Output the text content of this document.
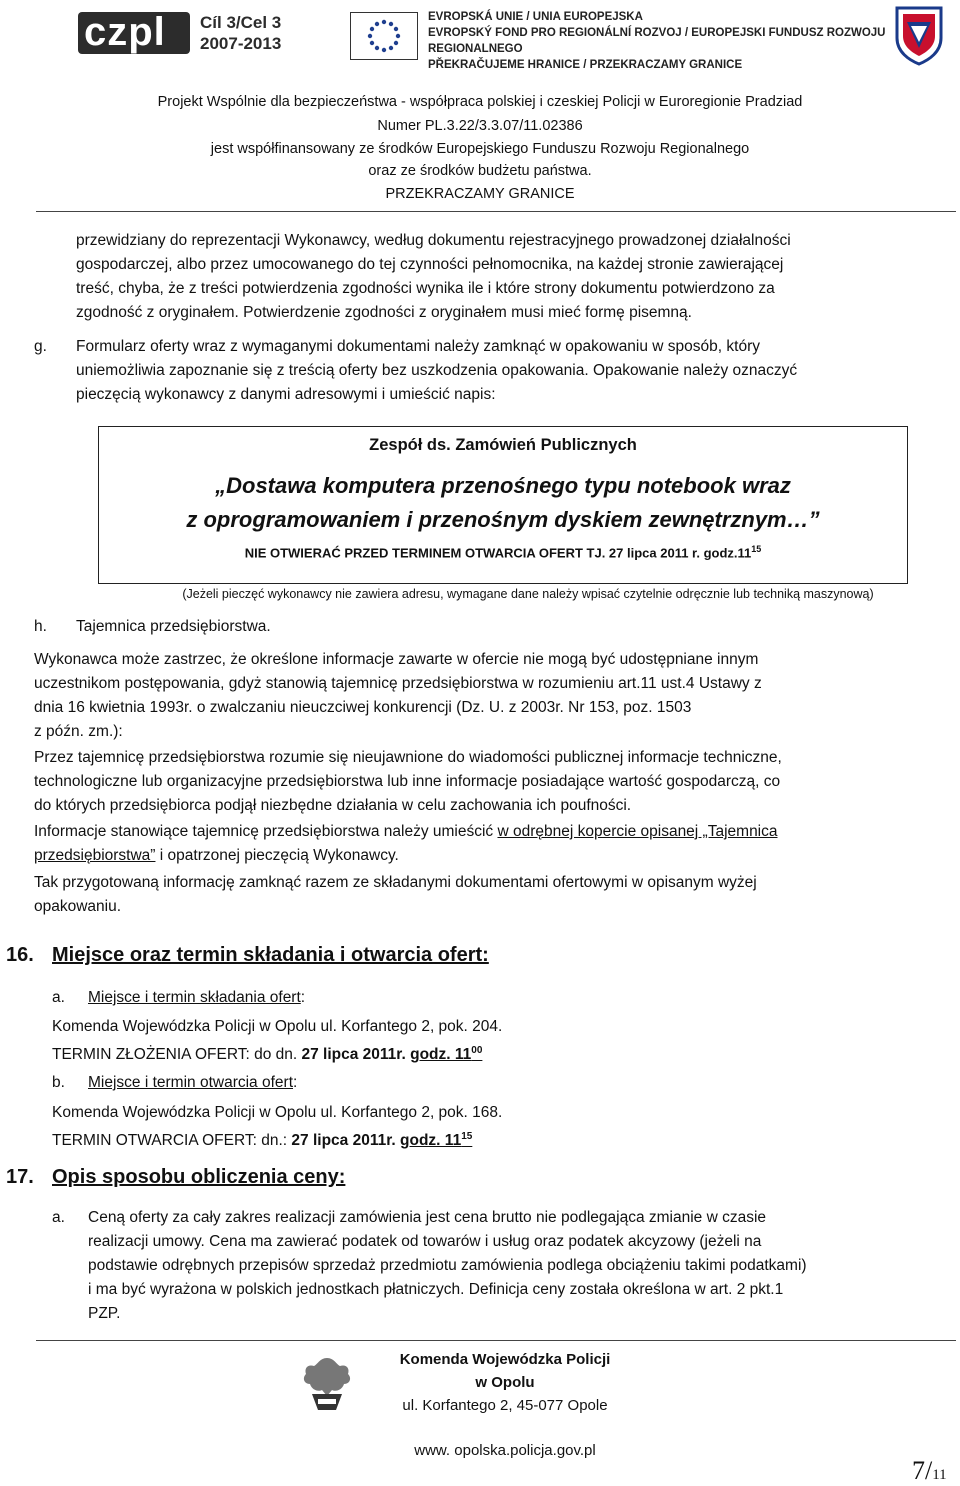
czpl Cíl 3/Cel 3
2007-2013
EVROPSKÁ UNIE / UNIA EUROPEJSKA
EVROPSKÝ FOND PRO REGIONÁLNÍ ROZVOJ / EUROPEJSKI FUNDUSZ ROZWOJU REGIONALNEGO
PŘEKRAČUJEME HRANICE / PRZEKRACZAMY GRANICE
Projekt Wspólnie dla bezpieczeństwa - współpraca polskiej i czeskiej Policji w Euroregionie Pradziad
Numer PL.3.22/3.3.07/11.02386
jest współfinansowany ze środków Europejskiego Funduszu Rozwoju Regionalnego
oraz ze środków budżetu państwa.
PRZEKRACZAMY GRANICE
przewidziany do reprezentacji Wykonawcy, według dokumentu rejestracyjnego prowadzonej działalności
gospodarczej, albo przez umocowanego do tej czynności pełnomocnika, na każdej stronie zawierającej
treść, chyba, że z treści potwierdzenia zgodności wynika ile i które strony dokumentu potwierdzono za
zgodność z oryginałem. Potwierdzenie zgodności z oryginałem musi mieć formę pisemną.
g. Formularz oferty wraz z wymaganymi dokumentami należy zamknąć w opakowaniu w sposób, który
uniemożliwia zapoznanie się z treścią oferty bez uszkodzenia opakowania. Opakowanie należy oznaczyć
pieczęcią wykonawcy z danymi adresowymi i umieścić napis:
Zespół ds. Zamówień Publicznych
„Dostawa komputera przenośnego typu notebook wraz
z oprogramowaniem i przenośnym dyskiem zewnętrznym…”
NIE OTWIERAĆ PRZED TERMINEM OTWARCIA OFERT TJ. 27 lipca 2011 r. $godz.11^{15}$
(Jeżeli pieczęć wykonawcy nie zawiera adresu, wymagane dane należy wpisać czytelnie odręcznie lub techniką maszynową)
h. Tajemnica przedsiębiorstwa.
Wykonawca może zastrzec, że określone informacje zawarte w ofercie nie mogą być udostępniane innym
uczestnikom postępowania, gdyż stanowią tajemnicę przedsiębiorstwa w rozumieniu art.11 ust.4 Ustawy z
dnia 16 kwietnia 1993r. o zwalczaniu nieuczciwej konkurencji (Dz. U. z 2003r. Nr 153, poz. 1503
z późn. zm.):
Przez tajemnicę przedsiębiorstwa rozumie się nieujawnione do wiadomości publicznej informacje techniczne,
technologiczne lub organizacyjne przedsiębiorstwa lub inne informacje posiadające wartość gospodarczą, co
do których przedsiębiorca podjął niezbędne działania w celu zachowania ich poufności.
Informacje stanowiące tajemnicę przedsiębiorstwa należy umieścić w odrębnej kopercie opisanej „Tajemnica
przedsiębiorstwa” i opatrzonej pieczęcią Wykonawcy.
Tak przygotowaną informację zamknąć razem ze składanymi dokumentami ofertowymi w opisanym wyżej
opakowaniu.
16. Miejsce oraz termin składania i otwarcia ofert:
a. Miejsce i termin składania ofert:
Komenda Wojewódzka Policji w Opolu ul. Korfantego 2, pok. 204.
TERMIN ZŁOŻENIA OFERT: do dn. 27 lipca 2011r. godz. $11^{00}$
b. Miejsce i termin otwarcia ofert:
Komenda Wojewódzka Policji w Opolu ul. Korfantego 2, pok. 168.
TERMIN OTWARCIA OFERT: dn.: 27 lipca 2011r. godz. $11^{15}$
17. Opis sposobu obliczenia ceny:
a. Ceną oferty za cały zakres realizacji zamówienia jest cena brutto nie podlegająca zmianie w czasie
realizacji umowy. Cena ma zawierać podatek od towarów i usług oraz podatek akcyzowy (jeżeli na
podstawie odrębnych przepisów sprzedaż przedmiotu zamówienia podlega obciążeniu takimi podatkami)
i ma być wyrażona w polskich jednostkach płatniczych. Definicja ceny została określona w art. 2 pkt.1
PZP.
Komenda Wojewódzka Policji
w Opolu
ul. Korfantego 2, 45-077 Opole
www. opolska.policja.gov.pl
7/11
